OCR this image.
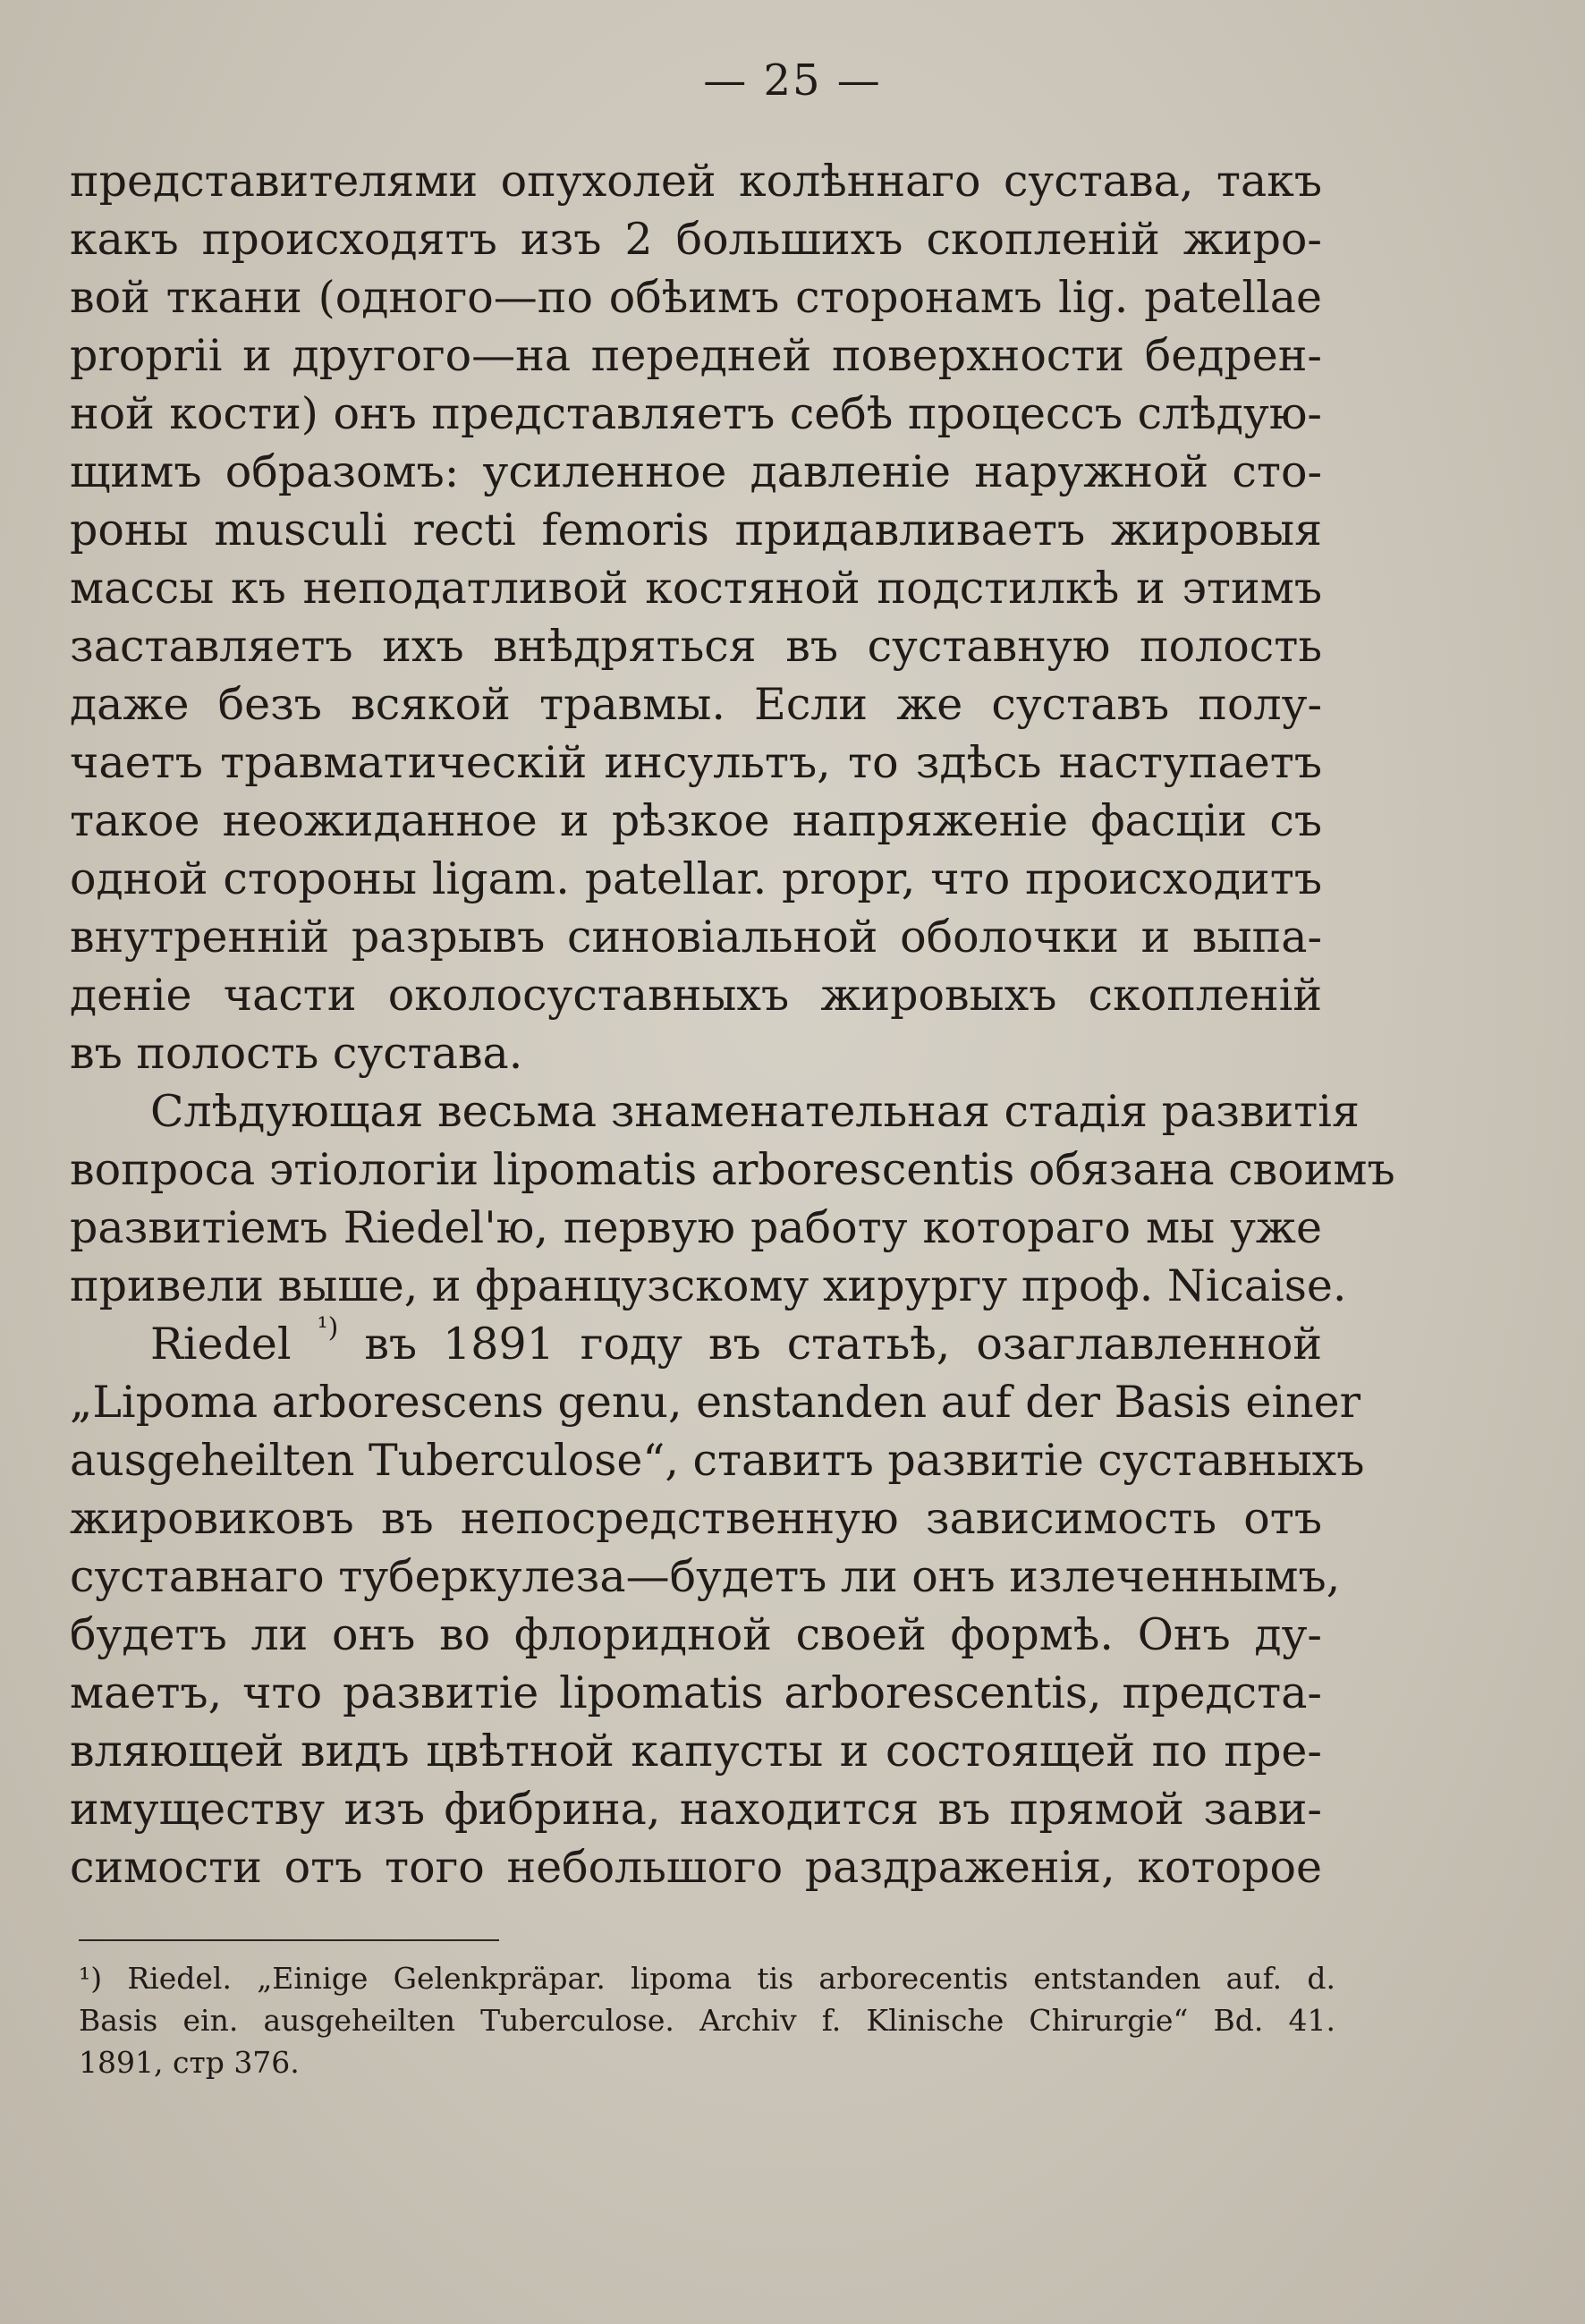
— 25 —
представителями опухолей колѣннаго сустава, такъ
какъ происходятъ изъ 2 большихъ скопленій жиро-
вой ткани (одного—по обѣимъ сторонамъ lig. patellae
proprii и другого—на передней поверхности бедрен-
ной кости) онъ представляетъ себѣ процессъ слѣдую-
щимъ образомъ: усиленное давленіе наружной сто-
роны musculi recti femoris придавливаетъ жировыя
массы къ неподатливой костяной подстилкѣ и этимъ
заставляетъ ихъ внѣдряться въ суставную полость
даже безъ всякой травмы. Если же суставъ полу-
чаетъ травматическій инсультъ, то здѣсь наступаетъ
такое неожиданное и рѣзкое напряженіе фасціи съ
одной стороны ligam. patellar. propr, что происходитъ
внутренній разрывъ синовіальной оболочки и выпа-
деніе части околосуставныхъ жировыхъ скопленій
въ полость сустава.
Слѣдующая весьма знаменательная стадія развитія
вопроса этіологіи lipomatis arborescentis обязана своимъ
развитіемъ Riedel'ю, первую работу котораго мы уже
привели выше, и французскому хирургу проф. Nicaise.
Riedel $^{^1)}$ въ 1891 году въ статьѣ, озаглавленной
„Lipoma arborescens genu, enstanden auf der Basis einer
ausgeheilten Tuberculose“, ставитъ развитіе суставныхъ
жировиковъ въ непосредственную зависимость отъ
суставнаго туберкулеза—будетъ ли онъ излеченнымъ,
будетъ ли онъ во флоридной своей формѣ. Онъ ду-
маетъ, что развитіе lipomatis arborescentis, предста-
вляющей видъ цвѣтной капусты и состоящей по пре-
имуществу изъ фибрина, находится въ прямой зави-
симости отъ того небольшого раздраженія, которое
¹) Riedel. „Einige Gelenkpräpar. lipoma tis arborecentis entstanden auf. d.
Basis ein. ausgeheilten Tuberculose. Archiv f. Klinische Chirurgie“ Bd. 41.
1891, стр 376.
